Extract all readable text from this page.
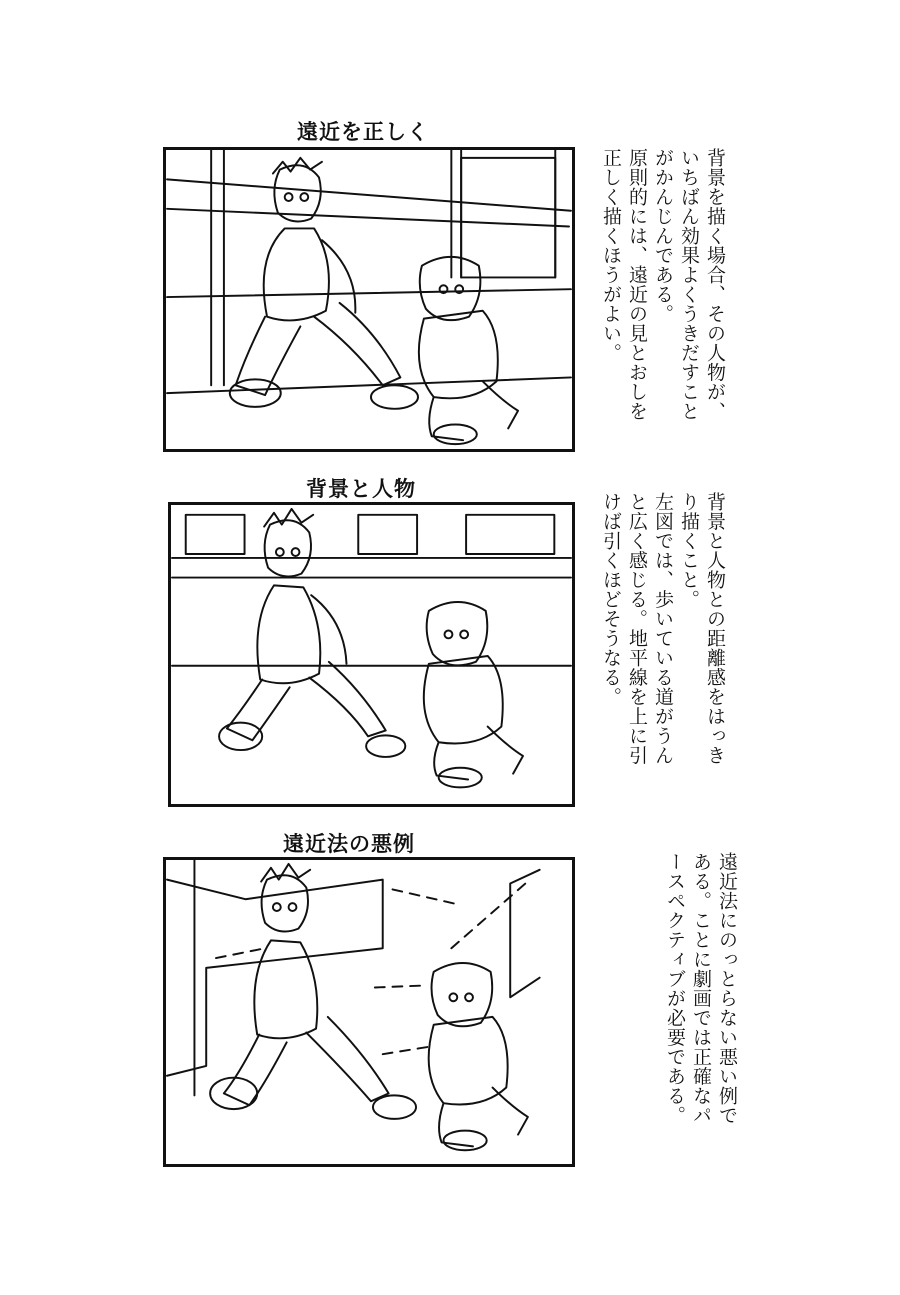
遠近を正しく
背景を描く場合、その人物が、
いちばん効果よくうきだすこと
がかんじんである。
原則的には、遠近の見とおしを
正しく描くほうがよい。
背景と人物
背景と人物との距離感をはっき
り描くこと。
左図では、歩いている道がうん
と広く感じる。地平線を上に引
けば引くほどそうなる。
遠近法の悪例
遠近法にのっとらない悪い例で
ある。ことに劇画では正確なパ
ースペクティブが必要である。
